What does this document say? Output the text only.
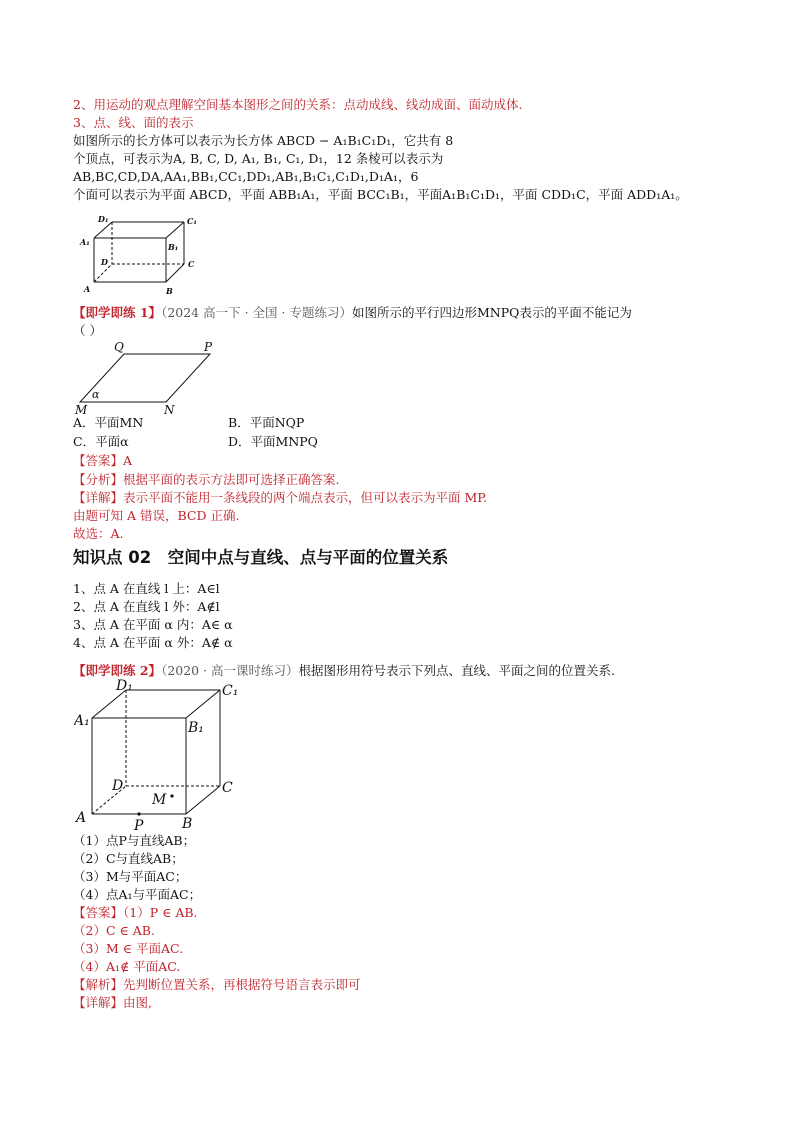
2、用运动的观点理解空间基本图形之间的关系：点动成线、线动成面、面动成体.
3、点、线、面的表示
如图所示的长方体可以表示为长方体 ABCD − A₁B₁C₁D₁，它共有 8
个顶点，可表示为A, B, C, D, A₁, B₁, C₁, D₁，12 条棱可以表示为
AB,BC,CD,DA,AA₁,BB₁,CC₁,DD₁,AB₁,B₁C₁,C₁D₁,D₁A₁，6
个面可以表示为平面 ABCD，平面 ABB₁A₁，平面 BCC₁B₁，平面A₁B₁C₁D₁，平面 CDD₁C，平面 ADD₁A₁。
D₁	C₁
A₁	B₁
D	C
A	B
【即学即练 1】（2024 高一下 · 全国 · 专题练习）如图所示的平行四边形MNPQ表示的平面不能记为
（ ）
Q	P
α
M	N
A．平面MN	B．平面NQP
C．平面α	D．平面MNPQ
【答案】A
【分析】根据平面的表示方法即可选择正确答案.
【详解】表示平面不能用一条线段的两个端点表示，但可以表示为平面 MP.
由题可知 A 错误，BCD 正确.
故选：A.
知识点 02　空间中点与直线、点与平面的位置关系
1、点 A 在直线 l 上：A∈l
2、点 A 在直线 l 外：A∉l
3、点 A 在平面 α 内：A∈ α
4、点 A 在平面 α 外：A∉ α
【即学即练 2】（2020 · 高一课时练习）根据图形用符号表示下列点、直线、平面之间的位置关系.
D₁	C₁
A₁	B₁
D	C
M
A	P	B
（1）点P与直线AB；
（2）C与直线AB；
（3）M与平面AC；
（4）点A₁与平面AC；
【答案】（1）P ∈ AB.
（2）C ∈ AB.
（3）M ∈ 平面AC.
（4）A₁∉ 平面AC.
【解析】先判断位置关系，再根据符号语言表示即可
【详解】由图,
